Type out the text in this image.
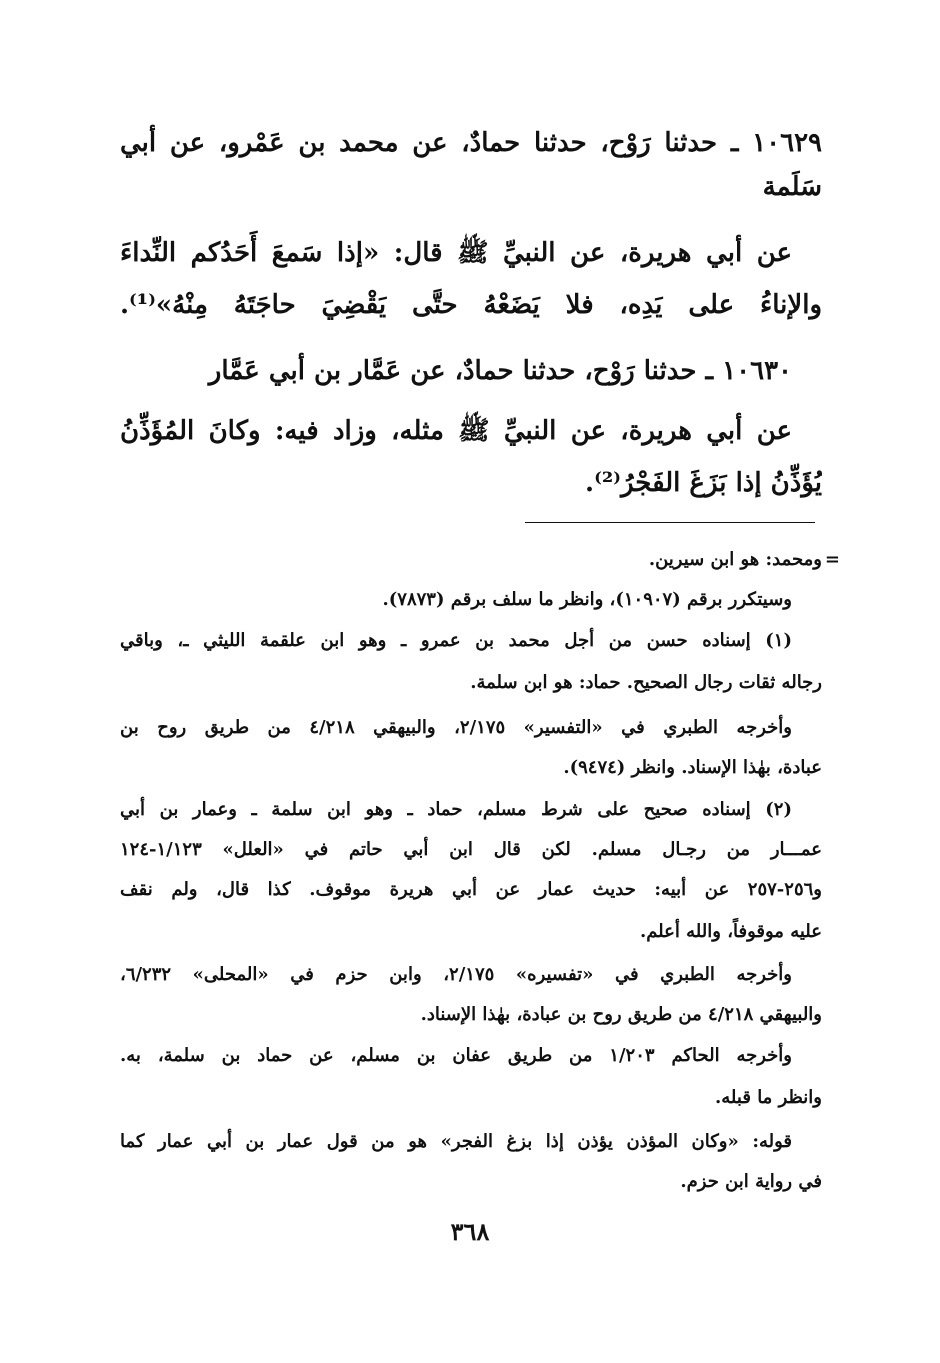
١٠٦٢٩ ـ حدثنا رَوْح، حدثنا حمادٌ، عن محمد بن عَمْرو، عن أبي
سَلَمة
عن أبي هريرة، عن النبيِّ ﷺ قال: «إذا سَمعَ أَحَدُكم النِّداءَ
والإناءُ على يَدِه، فلا يَضَعْهُ حتَّى يَقْضِيَ حاجَتَهُ مِنْهُ»⁽¹⁾.
١٠٦٣٠ ـ حدثنا رَوْح، حدثنا حمادٌ، عن عَمَّار بن أبي عَمَّار
عن أبي هريرة، عن النبيِّ ﷺ مثله، وزاد فيه: وكانَ المُؤَذِّنُ
يُؤَذِّنُ إذا بَزَغَ الفَجْرُ⁽²⁾.
=
ومحمد: هو ابن سيرين.
وسيتكرر برقم (١٠٩٠٧)، وانظر ما سلف برقم (٧٨٧٣).
(١) إسناده حسن من أجل محمد بن عمرو ـ وهو ابن علقمة الليثي ـ، وباقي
رجاله ثقات رجال الصحيح. حماد: هو ابن سلمة.
وأخرجه الطبري في «التفسير» ٢/١٧٥، والبيهقي ٤/٢١٨ من طريق روح بن
عبادة، بهٰذا الإسناد. وانظر (٩٤٧٤).
(٢) إسناده صحيح على شرط مسلم، حماد ـ وهو ابن سلمة ـ وعمار بن أبي
عمـــار من رجـال مسلم. لكن قال ابن أبي حاتم في «العلل» ١/١٢٣-١٢٤
و٢٥٦-٢٥٧ عن أبيه: حديث عمار عن أبي هريرة موقوف. كذا قال، ولم نقف
عليه موقوفاً، والله أعلم.
وأخرجه الطبري في «تفسيره» ٢/١٧٥، وابن حزم في «المحلى» ٦/٢٣٢،
والبيهقي ٤/٢١٨ من طريق روح بن عبادة، بهٰذا الإسناد.
وأخرجه الحاكم ١/٢٠٣ من طريق عفان بن مسلم، عن حماد بن سلمة، به.
وانظر ما قبله.
قوله: «وكان المؤذن يؤذن إذا بزغ الفجر» هو من قول عمار بن أبي عمار كما
في رواية ابن حزم.
٣٦٨
